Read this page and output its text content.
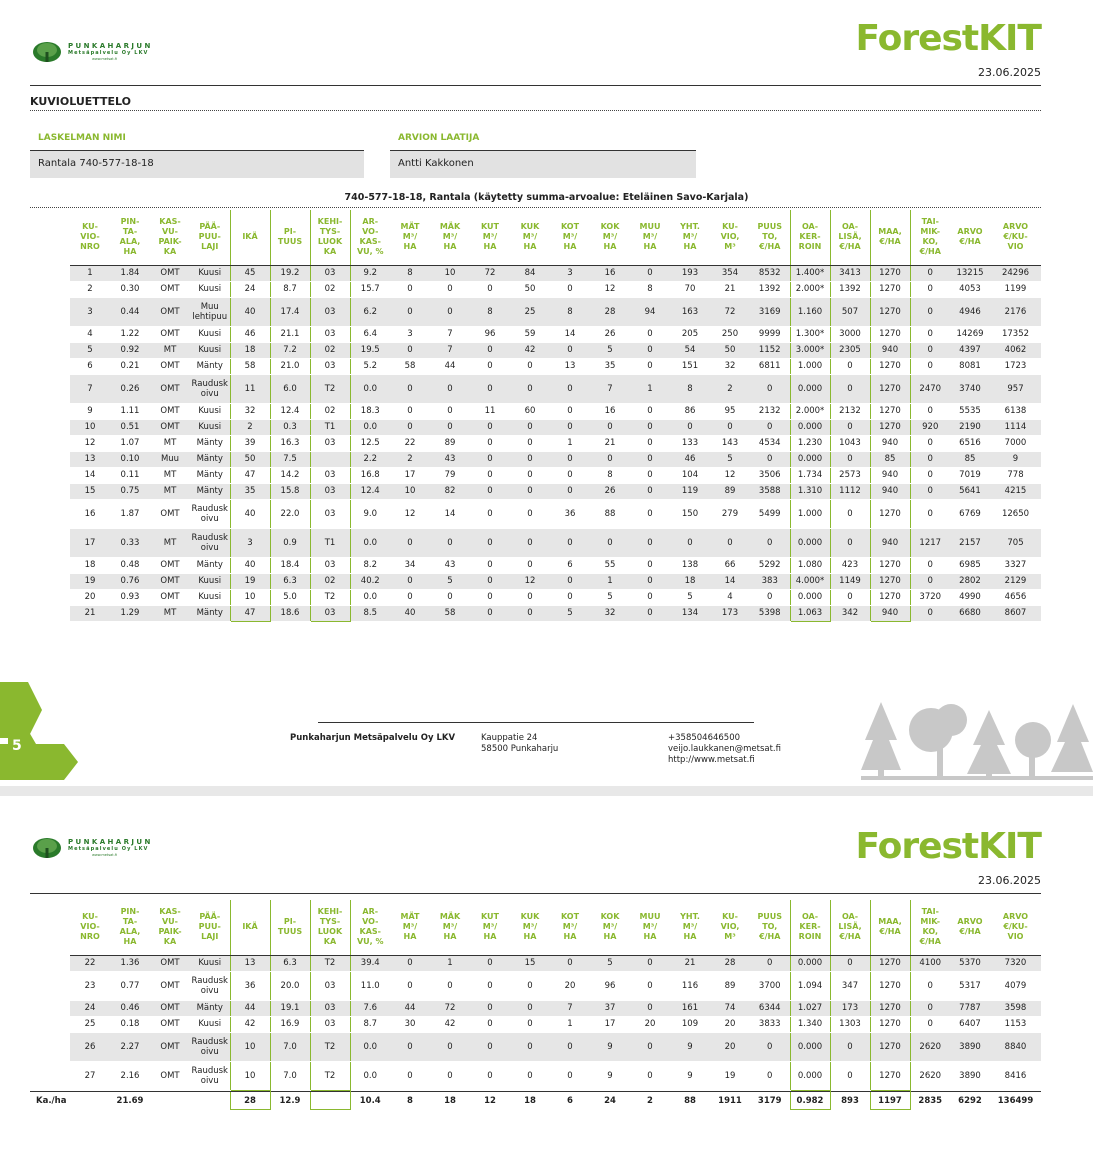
PUNKAHARJUN
Metsäpalvelu Oy LKV
www.metsat.fi	ForestKIT
23.06.2025
KUVIOLUETTELO
LASKELMAN NIMI
Rantala 740-577-18-18
ARVION LAATIJA
Antti Kakkonen
740-577-18-18, Rantala (käytetty summa-arvoalue: Eteläinen Savo-Karjala)
KU-
VIO-
NRO	PIN-
TA-
ALA,
HA	KAS-
VU-
PAIK-
KA	PÄÄ-
PUU-
LAJI	IKÄ	PI-
TUUS	KEHI-
TYS-
LUOK
KA	AR-
VO-
KAS-
VU, %	MÄT
M³/
HA	MÄK
M³/
HA	KUT
M³/
HA	KUK
M³/
HA	KOT
M³/
HA	KOK
M³/
HA	MUU
M³/
HA	YHT.
M³/
HA	KU-
VIO,
M³	PUUS
TO,
€/HA	OA-
KER-
ROIN	OA-
LISÄ,
€/HA	MAA,
€/HA	TAI-
MIK-
KO,
€/HA	ARVO
€/HA	ARVO
€/KU-
VIO
1	1.84	OMT	Kuusi	45	19.2	03	9.2	8	10	72	84	3	16	0	193	354	8532	1.400*	3413	1270	0	13215	24296
2	0.30	OMT	Kuusi	24	8.7	02	15.7	0	0	0	50	0	12	8	70	21	1392	2.000*	1392	1270	0	4053	1199
3	0.44	OMT	Muu
lehtipuu	40	17.4	03	6.2	0	0	8	25	8	28	94	163	72	3169	1.160	507	1270	0	4946	2176
4	1.22	OMT	Kuusi	46	21.1	03	6.4	3	7	96	59	14	26	0	205	250	9999	1.300*	3000	1270	0	14269	17352
5	0.92	MT	Kuusi	18	7.2	02	19.5	0	7	0	42	0	5	0	54	50	1152	3.000*	2305	940	0	4397	4062
6	0.21	OMT	Mänty	58	21.0	03	5.2	58	44	0	0	13	35	0	151	32	6811	1.000	0	1270	0	8081	1723
7	0.26	OMT	Raudusk
oivu	11	6.0	T2	0.0	0	0	0	0	0	7	1	8	2	0	0.000	0	1270	2470	3740	957
9	1.11	OMT	Kuusi	32	12.4	02	18.3	0	0	11	60	0	16	0	86	95	2132	2.000*	2132	1270	0	5535	6138
10	0.51	OMT	Kuusi	2	0.3	T1	0.0	0	0	0	0	0	0	0	0	0	0	0.000	0	1270	920	2190	1114
12	1.07	MT	Mänty	39	16.3	03	12.5	22	89	0	0	1	21	0	133	143	4534	1.230	1043	940	0	6516	7000
13	0.10	Muu	Mänty	50	7.5		2.2	2	43	0	0	0	0	0	46	5	0	0.000	0	85	0	85	9
14	0.11	MT	Mänty	47	14.2	03	16.8	17	79	0	0	0	8	0	104	12	3506	1.734	2573	940	0	7019	778
15	0.75	MT	Mänty	35	15.8	03	12.4	10	82	0	0	0	26	0	119	89	3588	1.310	1112	940	0	5641	4215
16	1.87	OMT	Raudusk
oivu	40	22.0	03	9.0	12	14	0	0	36	88	0	150	279	5499	1.000	0	1270	0	6769	12650
17	0.33	MT	Raudusk
oivu	3	0.9	T1	0.0	0	0	0	0	0	0	0	0	0	0	0.000	0	940	1217	2157	705
18	0.48	OMT	Mänty	40	18.4	03	8.2	34	43	0	0	6	55	0	138	66	5292	1.080	423	1270	0	6985	3327
19	0.76	OMT	Kuusi	19	6.3	02	40.2	0	5	0	12	0	1	0	18	14	383	4.000*	1149	1270	0	2802	2129
20	0.93	OMT	Kuusi	10	5.0	T2	0.0	0	0	0	0	0	5	0	5	4	0	0.000	0	1270	3720	4990	4656
21	1.29	MT	Mänty	47	18.6	03	8.5	40	58	0	0	5	32	0	134	173	5398	1.063	342	940	0	6680	8607
5	Punkaharjun Metsäpalvelu Oy LKV	Kauppatie 24
58500 Punkaharju
+358504646500
veijo.laukkanen@metsat.fi
http://www.metsat.fi
PUNKAHARJUN
Metsäpalvelu Oy LKV
www.metsat.fi	ForestKIT
23.06.2025
KU-
VIO-
NRO	PIN-
TA-
ALA,
HA	KAS-
VU-
PAIK-
KA	PÄÄ-
PUU-
LAJI	IKÄ	PI-
TUUS	KEHI-
TYS-
LUOK
KA	AR-
VO-
KAS-
VU, %	MÄT
M³/
HA	MÄK
M³/
HA	KUT
M³/
HA	KUK
M³/
HA	KOT
M³/
HA	KOK
M³/
HA	MUU
M³/
HA	YHT.
M³/
HA	KU-
VIO,
M³	PUUS
TO,
€/HA	OA-
KER-
ROIN	OA-
LISÄ,
€/HA	MAA,
€/HA	TAI-
MIK-
KO,
€/HA	ARVO
€/HA	ARVO
€/KU-
VIO
22	1.36	OMT	Kuusi	13	6.3	T2	39.4	0	1	0	15	0	5	0	21	28	0	0.000	0	1270	4100	5370	7320
23	0.77	OMT	Raudusk
oivu	36	20.0	03	11.0	0	0	0	0	20	96	0	116	89	3700	1.094	347	1270	0	5317	4079
24	0.46	OMT	Mänty	44	19.1	03	7.6	44	72	0	0	7	37	0	161	74	6344	1.027	173	1270	0	7787	3598
25	0.18	OMT	Kuusi	42	16.9	03	8.7	30	42	0	0	1	17	20	109	20	3833	1.340	1303	1270	0	6407	1153
26	2.27	OMT	Raudusk
oivu	10	7.0	T2	0.0	0	0	0	0	0	9	0	9	20	0	0.000	0	1270	2620	3890	8840
27	2.16	OMT	Raudusk
oivu	10	7.0	T2	0.0	0	0	0	0	0	9	0	9	19	0	0.000	0	1270	2620	3890	8416
Ka./ha		21.69			28	12.9		10.4	8	18	12	18	6	24	2	88	1911	3179	0.982	893	1197	2835	6292	136499
